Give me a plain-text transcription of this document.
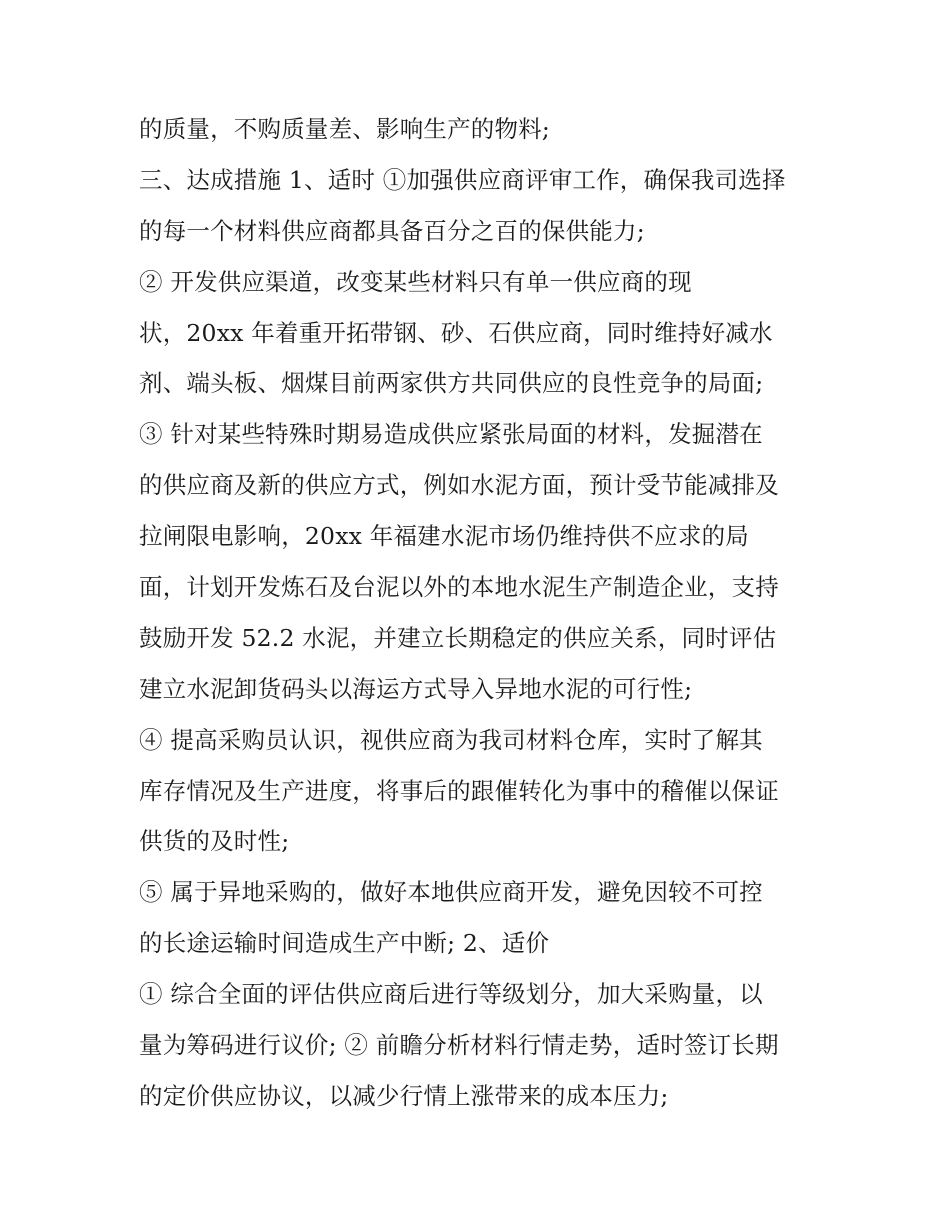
的质量，不购质量差、影响生产的物料;
三、达成措施 1、适时 ①加强供应商评审工作，确保我司选择
的每一个材料供应商都具备百分之百的保供能力;
② 开发供应渠道，改变某些材料只有单一供应商的现
状，20xx 年着重开拓带钢、砂、石供应商，同时维持好减水
剂、端头板、烟煤目前两家供方共同供应的良性竞争的局面;
③ 针对某些特殊时期易造成供应紧张局面的材料，发掘潜在
的供应商及新的供应方式，例如水泥方面，预计受节能减排及
拉闸限电影响，20xx 年福建水泥市场仍维持供不应求的局
面，计划开发炼石及台泥以外的本地水泥生产制造企业，支持
鼓励开发 52.2 水泥，并建立长期稳定的供应关系，同时评估
建立水泥卸货码头以海运方式导入异地水泥的可行性;
④ 提高采购员认识，视供应商为我司材料仓库，实时了解其
库存情况及生产进度，将事后的跟催转化为事中的稽催以保证
供货的及时性;
⑤ 属于异地采购的，做好本地供应商开发，避免因较不可控
的长途运输时间造成生产中断; 2、适价
① 综合全面的评估供应商后进行等级划分，加大采购量，以
量为筹码进行议价; ② 前瞻分析材料行情走势，适时签订长期
的定价供应协议，以减少行情上涨带来的成本压力;
